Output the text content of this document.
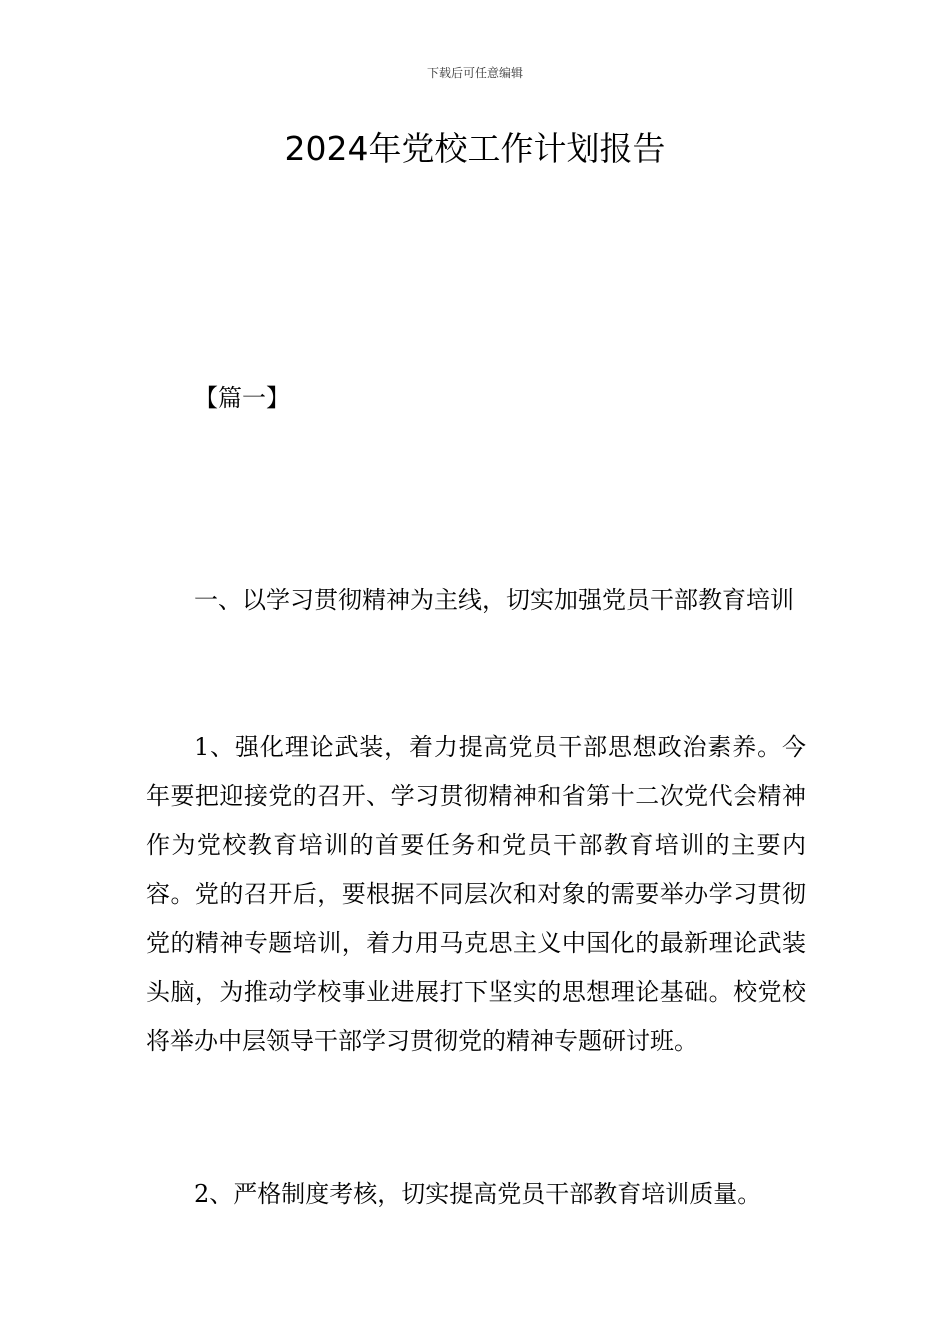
下载后可任意编辑
2024年党校工作计划报告
【篇一】

一、以学习贯彻精神为主线，切实加强党员干部教育培训

1、强化理论武装，着力提高党员干部思想政治素养。今年要把迎接党的召开、学习贯彻精神和省第十二次党代会精神作为党校教育培训的首要任务和党员干部教育培训的主要内容。党的召开后，要根据不同层次和对象的需要举办学习贯彻党的精神专题培训，着力用马克思主义中国化的最新理论武装头脑，为推动学校事业进展打下坚实的思想理论基础。校党校将举办中层领导干部学习贯彻党的精神专题研讨班。

2、严格制度考核，切实提高党员干部教育培训质量。
